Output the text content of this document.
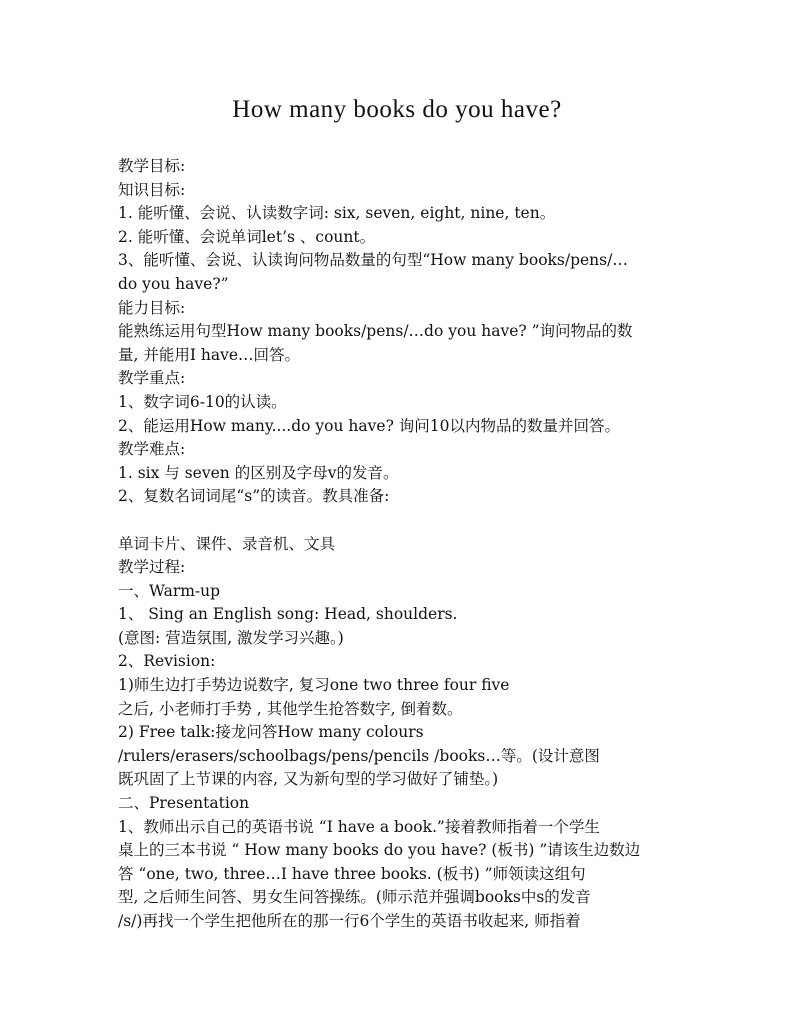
How many books do you have?
教学目标:
知识目标:
1. 能听懂、会说、认读数字词: six, seven, eight, nine, ten。
2. 能听懂、会说单词let’s 、count。
3、能听懂、会说、认读询问物品数量的句型“How many books/pens/…
do you have?”
能力目标:
能熟练运用句型How many books/pens/…do you have? ”询问物品的数
量, 并能用I have…回答。
教学重点:
1、数字词6-10的认读。
2、能运用How many....do you have? 询问10以内物品的数量并回答。
教学难点:
1. six 与 seven 的区别及字母v的发音。
2、复数名词词尾“s”的读音。教具准备:
单词卡片、课件、录音机、文具
教学过程:
一、Warm-up
1、 Sing an English song: Head, shoulders.
(意图: 营造氛围, 激发学习兴趣。)
2、Revision:
1)师生边打手势边说数字, 复习one two three four five
之后, 小老师打手势 , 其他学生抢答数字, 倒着数。
2) Free talk:接龙问答How many colours
/rulers/erasers/schoolbags/pens/pencils /books…等。(设计意图
既巩固了上节课的内容, 又为新句型的学习做好了铺垫。)
二、Presentation
1、教师出示自己的英语书说 “I have a book.”接着教师指着一个学生
桌上的三本书说 “ How many books do you have? (板书) ”请该生边数边
答 “one, two, three…I have three books. (板书) ”师领读这组句
型, 之后师生问答、男女生问答操练。(师示范并强调books中s的发音
/s/)再找一个学生把他所在的那一行6个学生的英语书收起来, 师指着
